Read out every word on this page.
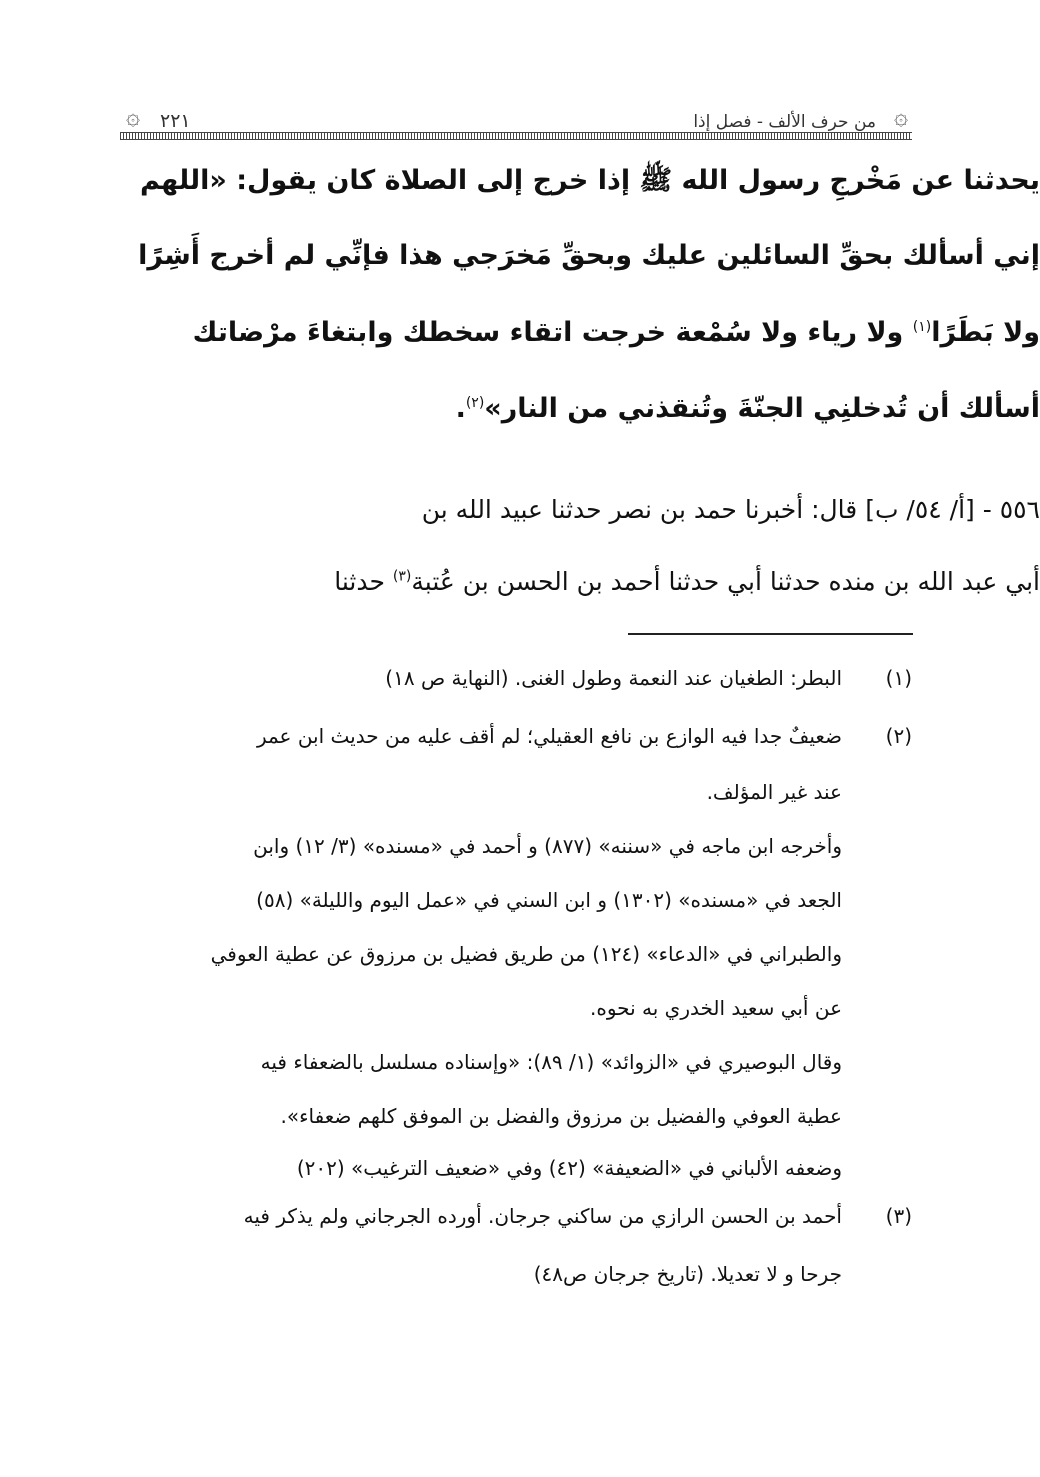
۞
من حرف الألف - فصل إذا
٢٢١
۞
يحدثنا عن مَخْرجِ رسول الله ﷺ إذا خرج إلى الصلاة كان يقول: «اللهم
إني أسألك بحقِّ السائلين عليك وبحقِّ مَخرَجي هذا فإنِّي لم أخرج أَشِرًا
ولا بَطَرًا$^{(١)}$ ولا رياء ولا سُمْعة خرجت اتقاء سخطك وابتغاءَ مرْضاتك
أسألك أن تُدخلنِي الجنّةَ وتُنقذني من النار»$^{(٢)}$.
٥٥٦ - [أ/ ٥٤/ ب] قال: أخبرنا حمد بن نصر حدثنا عبيد الله بن
أبي عبد الله بن منده حدثنا أبي حدثنا أحمد بن الحسن بن عُتبة$^{(٣)}$ حدثنا
(١)
البطر: الطغيان عند النعمة وطول الغنى. (النهاية ص ١٨)
(٢)
ضعيفٌ جدا فيه الوازع بن نافع العقيلي؛ لم أقف عليه من حديث ابن عمر
عند غير المؤلف.
وأخرجه ابن ماجه في «سننه» (٨٧٧) و أحمد في «مسنده» (٣/ ١٢) وابن
الجعد في «مسنده» (١٣٠٢) و ابن السني في «عمل اليوم والليلة» (٥٨)
والطبراني في «الدعاء» (١٢٤) من طريق فضيل بن مرزوق عن عطية العوفي
عن أبي سعيد الخدري به نحوه.
وقال البوصيري في «الزوائد» (١/ ٨٩): «وإسناده مسلسل بالضعفاء فيه
عطية العوفي والفضيل بن مرزوق والفضل بن الموفق كلهم ضعفاء».
وضعفه الألباني في «الضعيفة» (٤٢) وفي «ضعيف الترغيب» (٢٠٢)
(٣)
أحمد بن الحسن الرازي من ساكني جرجان. أورده الجرجاني ولم يذكر فيه
جرحا و لا تعديلا. (تاريخ جرجان ص٤٨)
